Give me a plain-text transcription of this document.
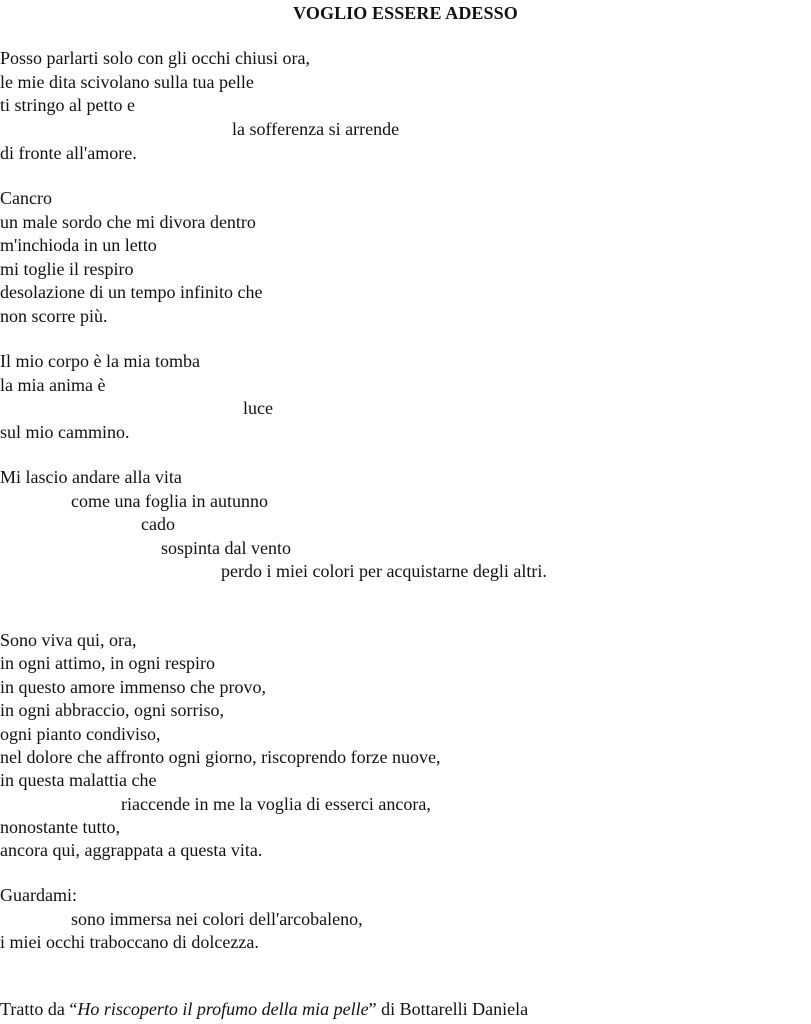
VOGLIO ESSERE ADESSO
Posso parlarti solo con gli occhi chiusi ora,
le mie dita scivolano sulla tua pelle
ti stringo al petto e
la sofferenza si arrende
di fronte all'amore.
Cancro
un male sordo che mi divora dentro
m'inchioda in un letto
mi toglie il respiro
desolazione di un tempo infinito che
non scorre più.
Il mio corpo è la mia tomba
la mia anima è
luce
sul mio cammino.
Mi lascio andare alla vita
come una foglia in autunno
cado
sospinta dal vento
perdo i miei colori per acquistarne degli altri.
Sono viva qui, ora,
in ogni attimo, in ogni respiro
in questo amore immenso che provo,
in ogni abbraccio, ogni sorriso,
ogni pianto condiviso,
nel dolore che affronto ogni giorno, riscoprendo forze nuove,
in questa malattia che
riaccende in me la voglia di esserci ancora,
nonostante tutto,
ancora qui, aggrappata a questa vita.
Guardami:
sono immersa nei colori dell'arcobaleno,
i miei occhi traboccano di dolcezza.
Tratto da “Ho riscoperto il profumo della mia pelle” di Bottarelli Daniela
